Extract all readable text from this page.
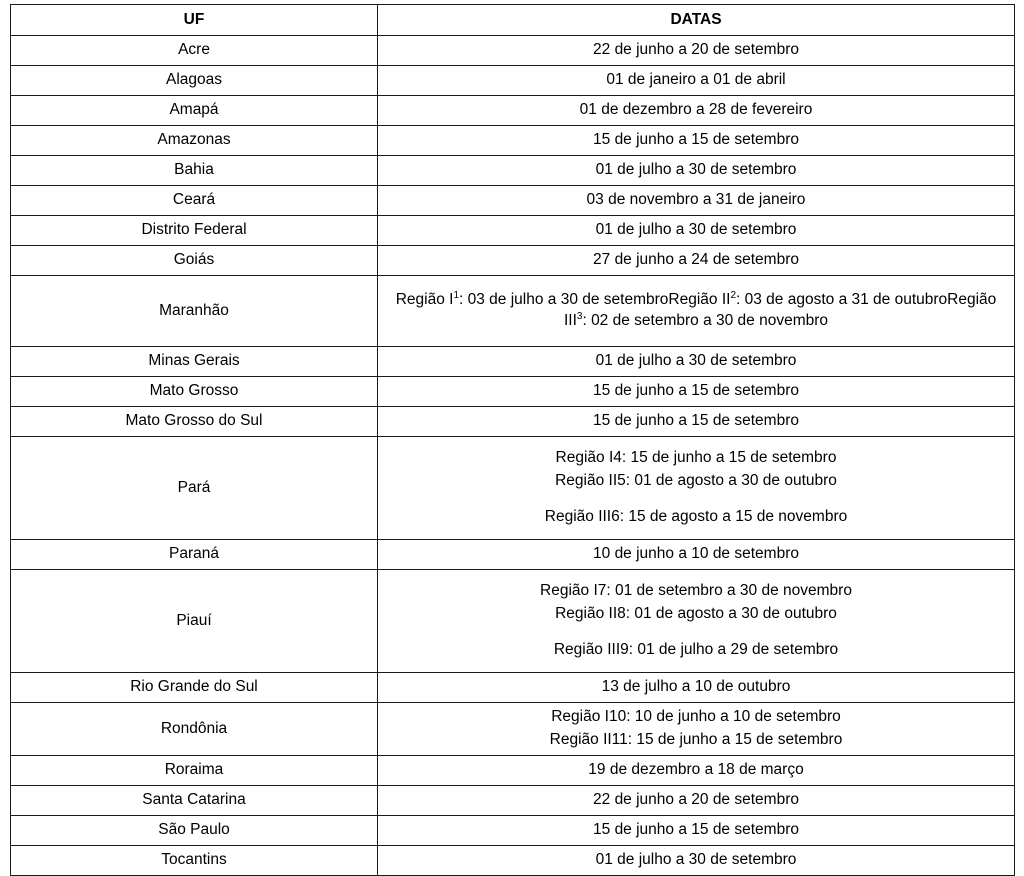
UF	DATAS
Acre	22 de junho a 20 de setembro
Alagoas	01 de janeiro a 01 de abril
Amapá	01 de dezembro a 28 de fevereiro
Amazonas	15 de junho a 15 de setembro
Bahia	01 de julho a 30 de setembro
Ceará	03 de novembro a 31 de janeiro
Distrito Federal	01 de julho a 30 de setembro
Goiás	27 de junho a 24 de setembro
Maranhão	Região $I^1$: 03 de julho a 30 de setembroRegião $II^2$: 03 de agosto a 31 de outubroRegião III$^3$: 02 de setembro a 30 de novembro
Minas Gerais	01 de julho a 30 de setembro
Mato Grosso	15 de junho a 15 de setembro
Mato Grosso do Sul	15 de junho a 15 de setembro
Pará	Região I4: 15 de junho a 15 de setembro
Região II5: 01 de agosto a 30 de outubro
Região III6: 15 de agosto a 15 de novembro

Paraná	10 de junho a 10 de setembro
Piauí	Região I7: 01 de setembro a 30 de novembro
Região II8: 01 de agosto a 30 de outubro
Região III9: 01 de julho a 29 de setembro

Rio Grande do Sul	13 de julho a 10 de outubro
Rondônia	Região I10: 10 de junho a 10 de setembro
Região II11: 15 de junho a 15 de setembro

Roraima	19 de dezembro a 18 de março
Santa Catarina	22 de junho a 20 de setembro
São Paulo	15 de junho a 15 de setembro
Tocantins	01 de julho a 30 de setembro
